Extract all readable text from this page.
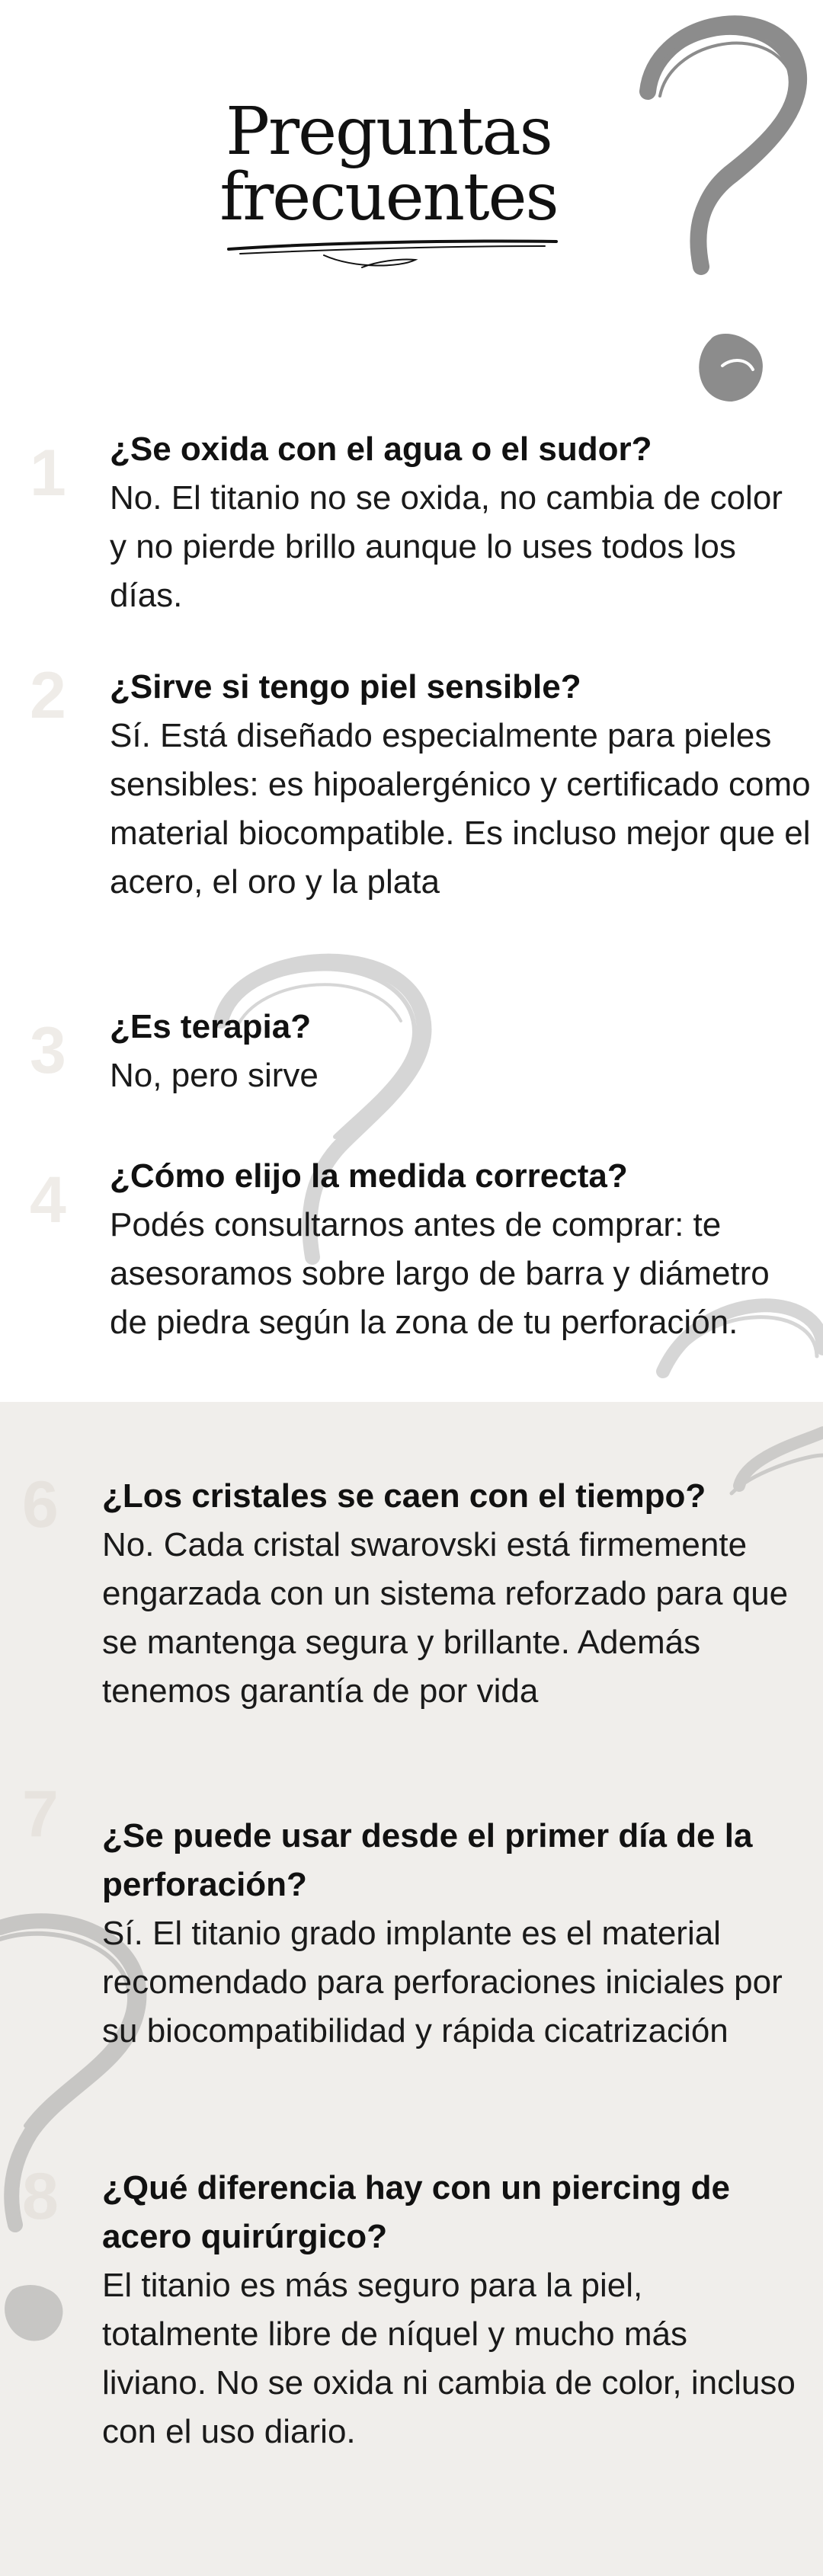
Preguntas
frecuentes
1 ¿Se oxida con el agua o el sudor?

No. El titanio no se oxida, no cambia de color y no pierde brillo aunque lo uses todos los días.

2 ¿Sirve si tengo piel sensible?

Sí. Está diseñado especialmente para pieles sensibles: es hipoalergénico y certificado como material biocompatible. Es incluso mejor que el acero, el oro y la plata

3 ¿Es terapia?

No, pero sirve

4 ¿Cómo elijo la medida correcta?

Podés consultarnos antes de comprar: te asesoramos sobre largo de barra y diámetro de piedra según la zona de tu perforación.

6 ¿Los cristales se caen con el tiempo?

No. Cada cristal swarovski está firmemente engarzada con un sistema reforzado para que se mantenga segura y brillante. Además tenemos garantía de por vida

7 ¿Se puede usar desde el primer día de la perforación?

Sí. El titanio grado implante es el material recomendado para perforaciones iniciales por su biocompatibilidad y rápida cicatrización

8 ¿Qué diferencia hay con un piercing de acero quirúrgico?

El titanio es más seguro para la piel, totalmente libre de níquel y mucho más liviano. No se oxida ni cambia de color, incluso con el uso diario.
